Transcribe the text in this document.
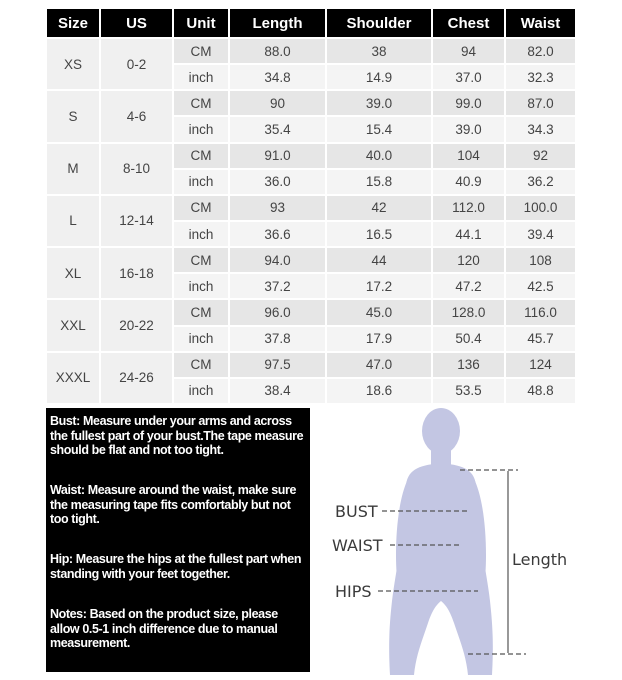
Size	US	Unit	Length	Shoulder	Chest	Waist
XS	0-2	CM	88.0	38	94	82.0
		inch	34.8	14.9	37.0	32.3
S	4-6	CM	90	39.0	99.0	87.0
		inch	35.4	15.4	39.0	34.3
M	8-10	CM	91.0	40.0	104	92
		inch	36.0	15.8	40.9	36.2
L	12-14	CM	93	42	112.0	100.0
		inch	36.6	16.5	44.1	39.4
XL	16-18	CM	94.0	44	120	108
		inch	37.2	17.2	47.2	42.5
XXL	20-22	CM	96.0	45.0	128.0	116.0
		inch	37.8	17.9	50.4	45.7
XXXL	24-26	CM	97.5	47.0	136	124
		inch	38.4	18.6	53.5	48.8
Bust: Measure under your arms and across the fullest part of your bust.The tape measure should be flat and not too tight.
Waist: Measure around the waist, make sure the measuring tape fits comfortably but not too tight.
Hip: Measure the hips at the fullest part when standing with your feet together.
Notes: Based on the product size, please allow 0.5-1 inch difference due to manual measurement.
BUST
WAIST
HIPS
Length
